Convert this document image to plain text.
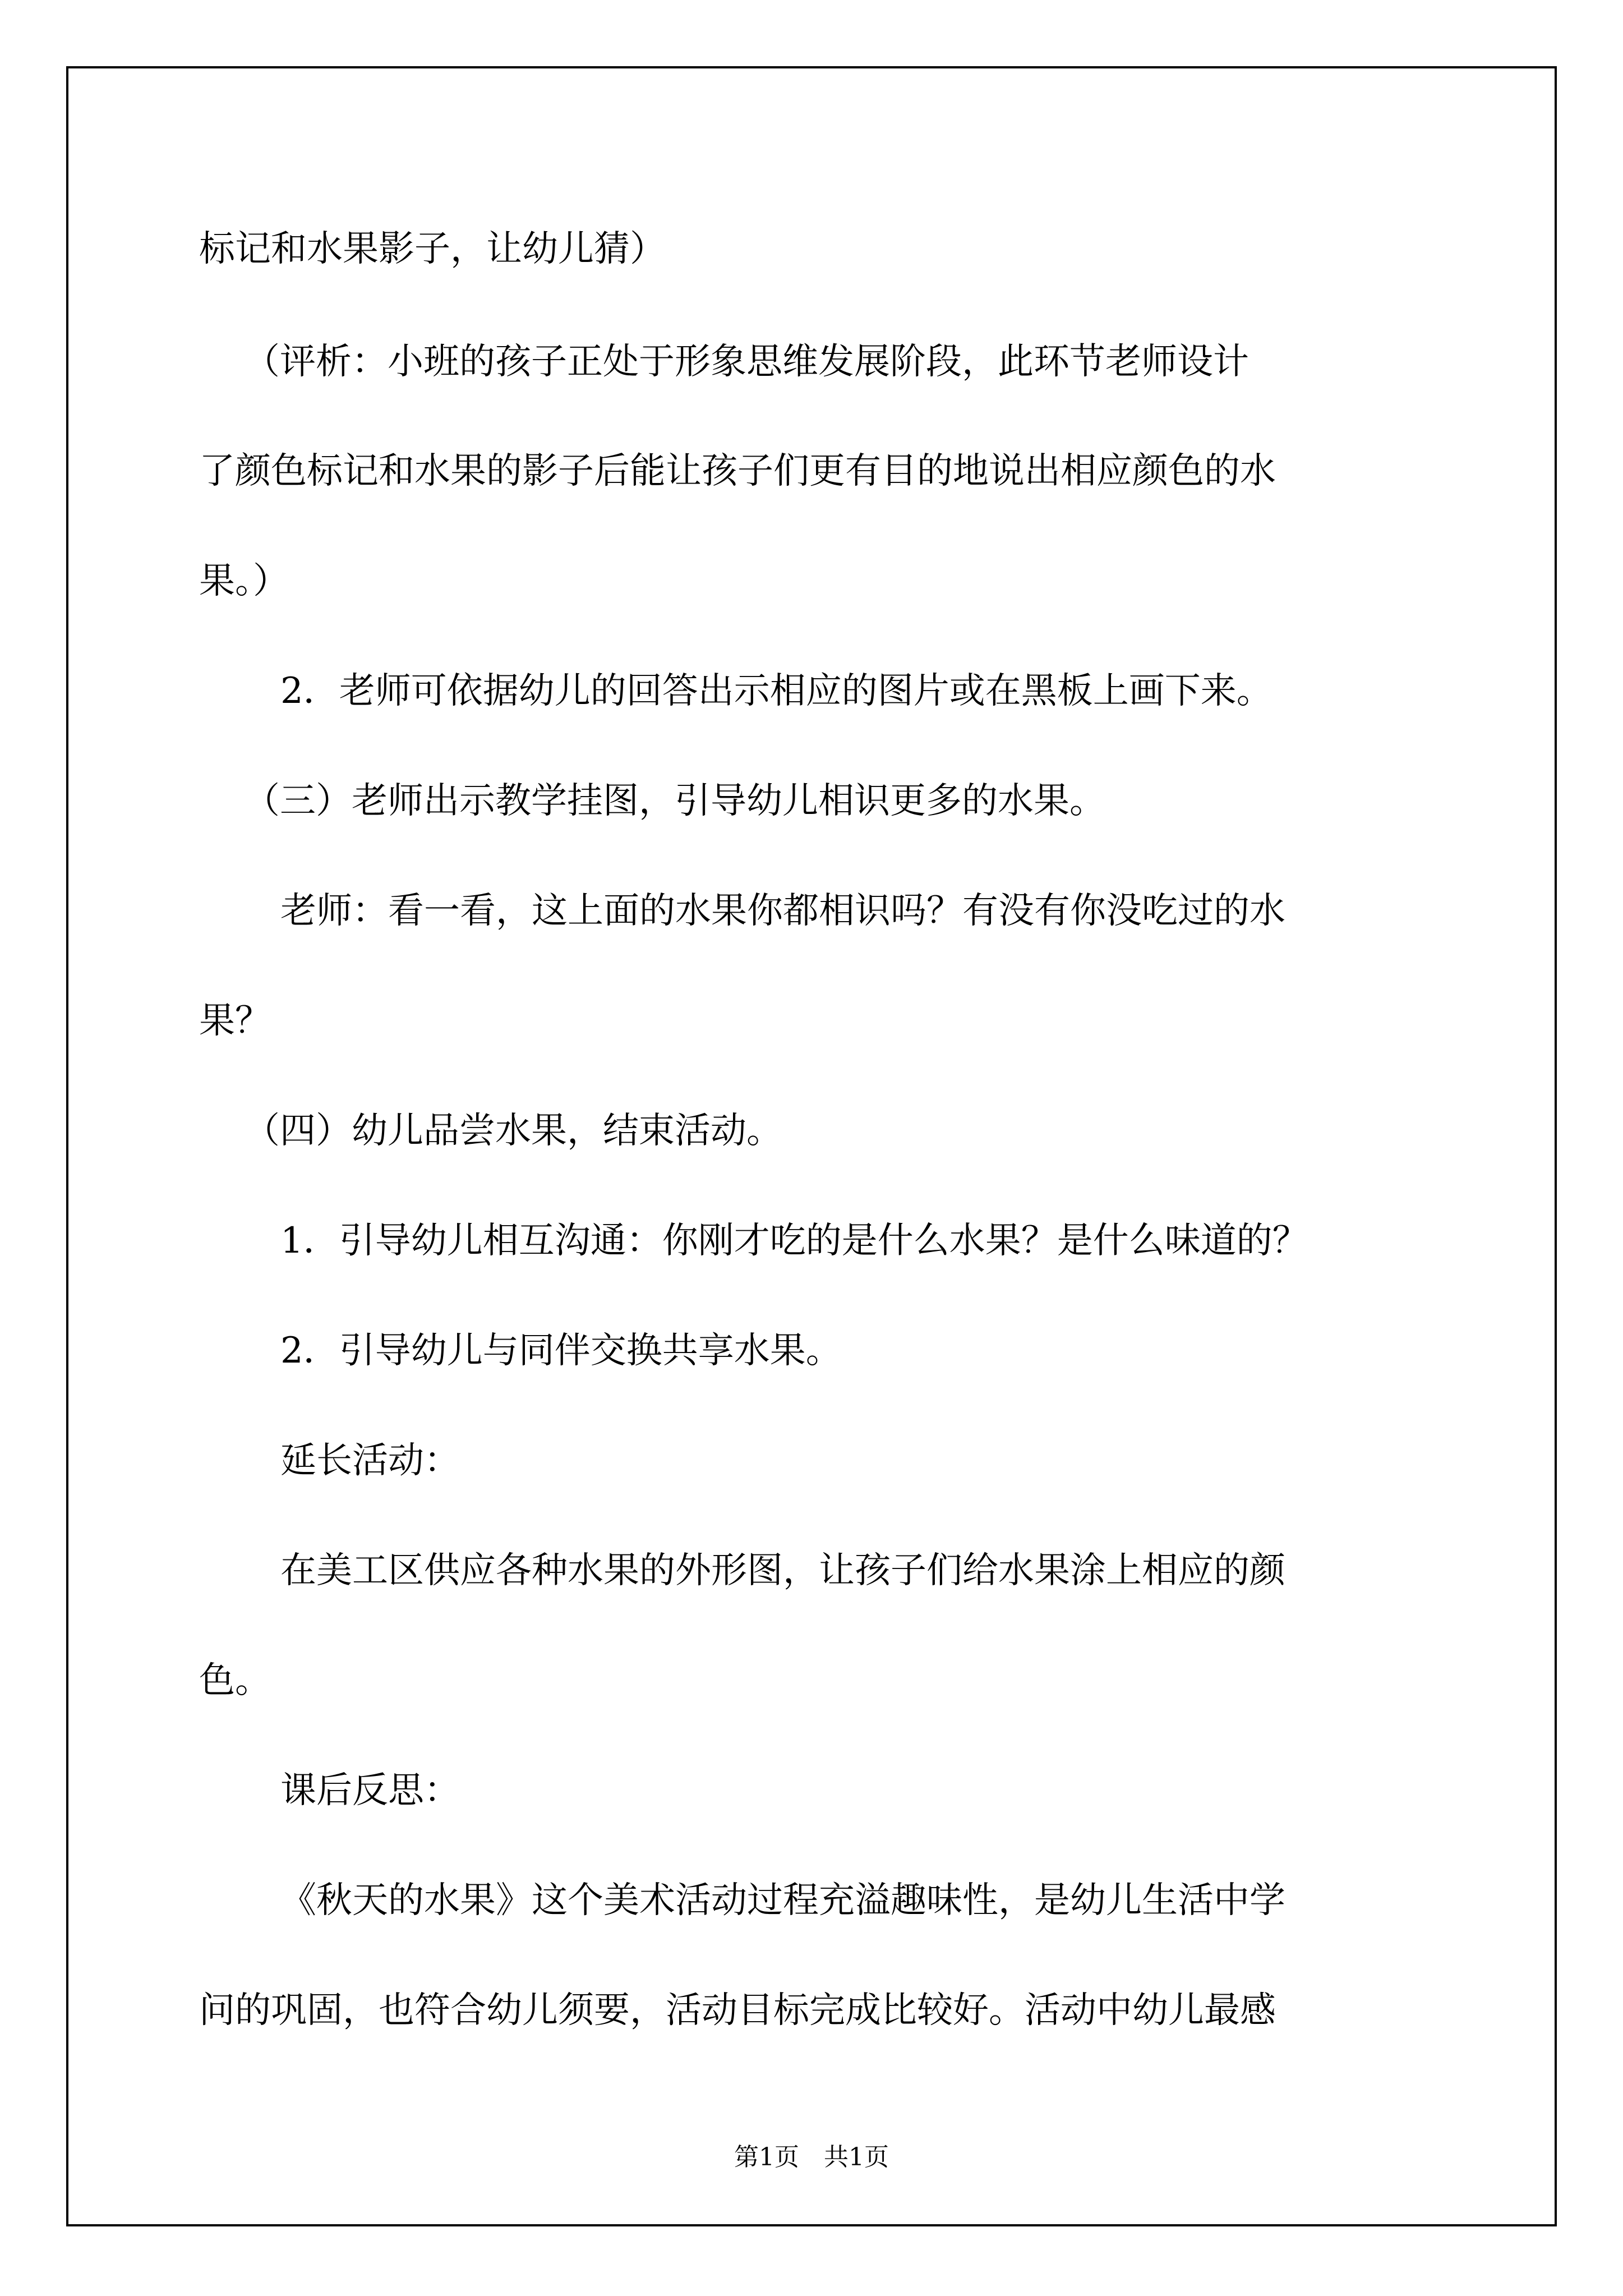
标记和水果影子，让幼儿猜）
（评析：小班的孩子正处于形象思维发展阶段，此环节老师设计
了颜色标记和水果的影子后能让孩子们更有目的地说出相应颜色的水
果。）
2．老师可依据幼儿的回答出示相应的图片或在黑板上画下来。
（三）老师出示教学挂图，引导幼儿相识更多的水果。
老师：看一看，这上面的水果你都相识吗？有没有你没吃过的水
果？
（四）幼儿品尝水果，结束活动。
1．引导幼儿相互沟通：你刚才吃的是什么水果？是什么味道的？
2．引导幼儿与同伴交换共享水果。
延长活动：
在美工区供应各种水果的外形图，让孩子们给水果涂上相应的颜
色。
课后反思：
《秋天的水果》这个美术活动过程充溢趣味性，是幼儿生活中学
问的巩固，也符合幼儿须要，活动目标完成比较好。活动中幼儿最感
第1页　共1页
